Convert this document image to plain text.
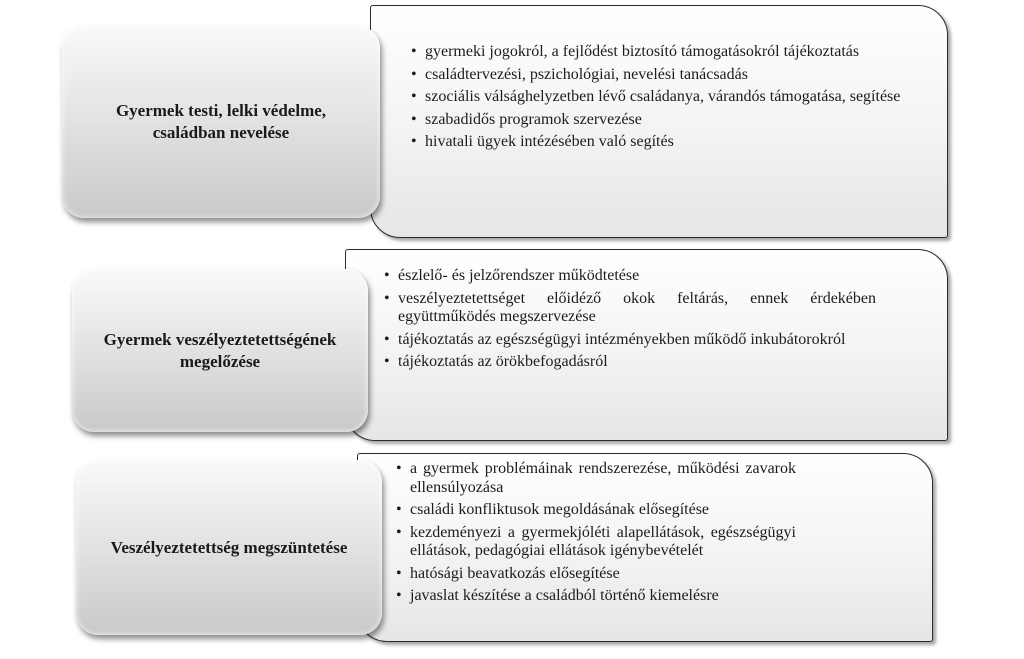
• gyermeki jogokról, a fejlődést biztosító támogatásokról tájékoztatás
• családtervezési, pszichológiai, nevelési tanácsadás
• szociális válsághelyzetben lévő családanya, várandós támogatása, segítése
• szabadidős programok szervezése
• hivatali ügyek intézésében való segítés
Gyermek testi, lelki védelme, családban nevelése
• észlelő- és jelzőrendszer működtetése
• veszélyeztetettséget előidéző okok feltárás, ennek érdekében együttműködés megszervezése
• tájékoztatás az egészségügyi intézményekben működő inkubátorokról
• tájékoztatás az örökbefogadásról
Gyermek veszélyeztetettségének megelőzése
• a gyermek problémáinak rendszerezése, működési zavarok ellensúlyozása
• családi konfliktusok megoldásának elősegítése
• kezdeményezi a gyermekjóléti alapellátások, egészségügyi ellátások, pedagógiai ellátások igénybevételét
• hatósági beavatkozás elősegítése
• javaslat készítése a családból történő kiemelésre
Veszélyeztetettség megszüntetése
